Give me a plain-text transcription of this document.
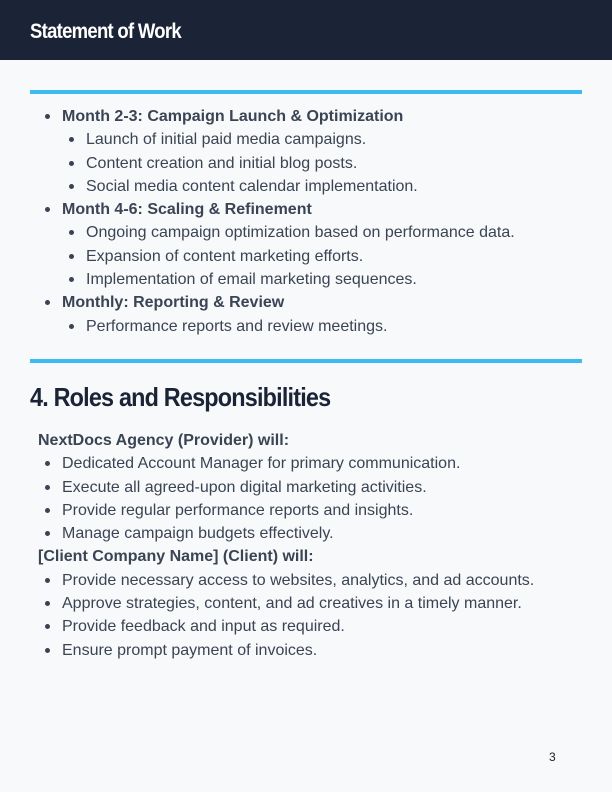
Statement of Work
Month 2-3: Campaign Launch & Optimization
Launch of initial paid media campaigns.
Content creation and initial blog posts.
Social media content calendar implementation.
Month 4-6: Scaling & Refinement
Ongoing campaign optimization based on performance data.
Expansion of content marketing efforts.
Implementation of email marketing sequences.
Monthly: Reporting & Review
Performance reports and review meetings.
4. Roles and Responsibilities
NextDocs Agency (Provider) will:
Dedicated Account Manager for primary communication.
Execute all agreed-upon digital marketing activities.
Provide regular performance reports and insights.
Manage campaign budgets effectively.
[Client Company Name] (Client) will:
Provide necessary access to websites, analytics, and ad accounts.
Approve strategies, content, and ad creatives in a timely manner.
Provide feedback and input as required.
Ensure prompt payment of invoices.
3
